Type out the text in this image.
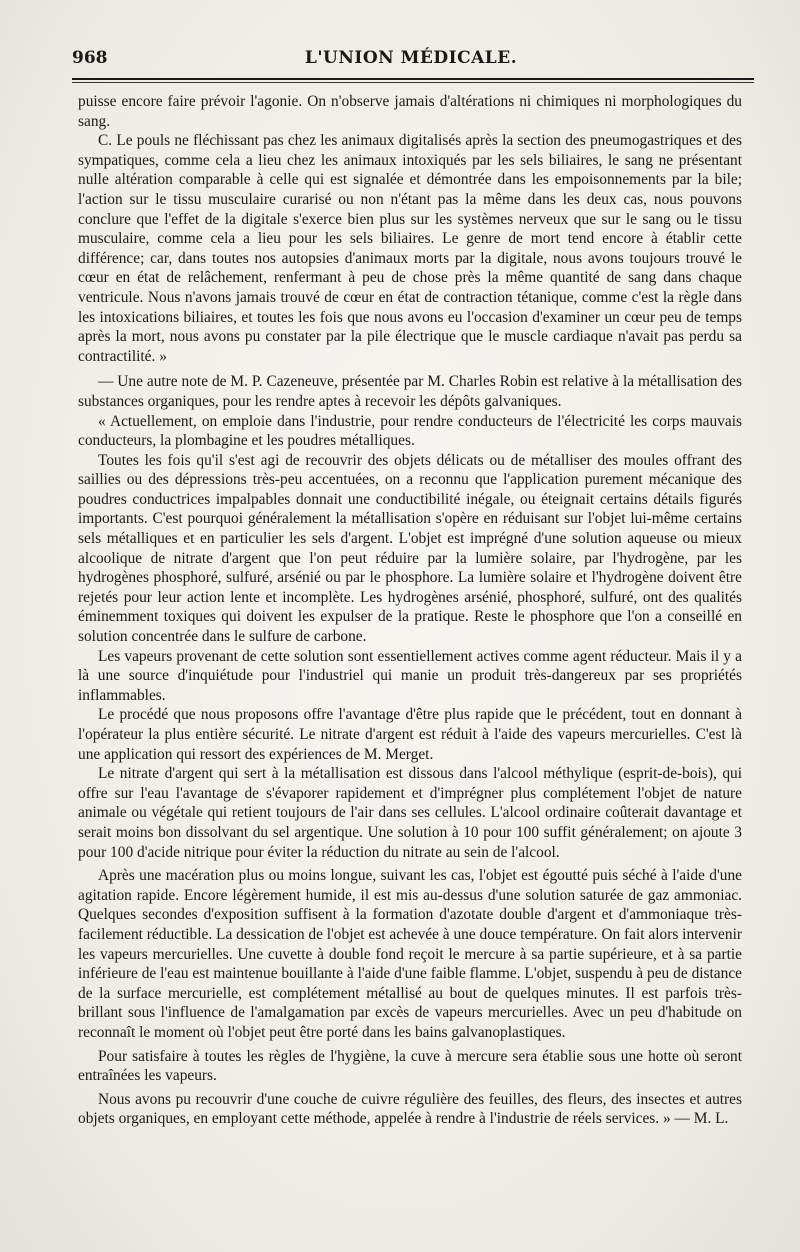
968	L'UNION MÉDICALE.

puisse encore faire prévoir l'agonie. On n'observe jamais d'altérations ni chimiques ni morphologiques du sang.

C. Le pouls ne fléchissant pas chez les animaux digitalisés après la section des pneumogastriques et des sympatiques, comme cela a lieu chez les animaux intoxiqués par les sels biliaires, le sang ne présentant nulle altération comparable à celle qui est signalée et démontrée dans les empoisonnements par la bile; l'action sur le tissu musculaire curarisé ou non n'étant pas la même dans les deux cas, nous pouvons conclure que l'effet de la digitale s'exerce bien plus sur les systèmes nerveux que sur le sang ou le tissu musculaire, comme cela a lieu pour les sels biliaires. Le genre de mort tend encore à établir cette différence; car, dans toutes nos autopsies d'animaux morts par la digitale, nous avons toujours trouvé le cœur en état de relâchement, renfermant à peu de chose près la même quantité de sang dans chaque ventricule. Nous n'avons jamais trouvé de cœur en état de contraction tétanique, comme c'est la règle dans les intoxications biliaires, et toutes les fois que nous avons eu l'occasion d'examiner un cœur peu de temps après la mort, nous avons pu constater par la pile électrique que le muscle cardiaque n'avait pas perdu sa contractilité. »

— Une autre note de M. P. Cazeneuve, présentée par M. Charles Robin est relative à la métallisation des substances organiques, pour les rendre aptes à recevoir les dépôts galvaniques.

« Actuellement, on emploie dans l'industrie, pour rendre conducteurs de l'électricité les corps mauvais conducteurs, la plombagine et les poudres métalliques.

Toutes les fois qu'il s'est agi de recouvrir des objets délicats ou de métalliser des moules offrant des saillies ou des dépressions très-peu accentuées, on a reconnu que l'application purement mécanique des poudres conductrices impalpables donnait une conductibilité inégale, ou éteignait certains détails figurés importants. C'est pourquoi généralement la métallisation s'opère en réduisant sur l'objet lui-même certains sels métalliques et en particulier les sels d'argent. L'objet est imprégné d'une solution aqueuse ou mieux alcoolique de nitrate d'argent que l'on peut réduire par la lumière solaire, par l'hydrogène, par les hydrogènes phosphoré, sulfuré, arsénié ou par le phosphore. La lumière solaire et l'hydrogène doivent être rejetés pour leur action lente et incomplète. Les hydrogènes arsénié, phosphoré, sulfuré, ont des qualités éminemment toxiques qui doivent les expulser de la pratique. Reste le phosphore que l'on a conseillé en solution concentrée dans le sulfure de carbone.

Les vapeurs provenant de cette solution sont essentiellement actives comme agent réducteur. Mais il y a là une source d'inquiétude pour l'industriel qui manie un produit très-dangereux par ses propriétés inflammables.

Le procédé que nous proposons offre l'avantage d'être plus rapide que le précédent, tout en donnant à l'opérateur la plus entière sécurité. Le nitrate d'argent est réduit à l'aide des vapeurs mercurielles. C'est là une application qui ressort des expériences de M. Merget.

Le nitrate d'argent qui sert à la métallisation est dissous dans l'alcool méthylique (esprit-de-bois), qui offre sur l'eau l'avantage de s'évaporer rapidement et d'imprégner plus complétement l'objet de nature animale ou végétale qui retient toujours de l'air dans ses cellules. L'alcool ordinaire coûterait davantage et serait moins bon dissolvant du sel argentique. Une solution à 10 pour 100 suffit généralement; on ajoute 3 pour 100 d'acide nitrique pour éviter la réduction du nitrate au sein de l'alcool.

Après une macération plus ou moins longue, suivant les cas, l'objet est égoutté puis séché à l'aide d'une agitation rapide. Encore légèrement humide, il est mis au-dessus d'une solution saturée de gaz ammoniac. Quelques secondes d'exposition suffisent à la formation d'azotate double d'argent et d'ammoniaque très-facilement réductible. La dessication de l'objet est achevée à une douce température. On fait alors intervenir les vapeurs mercurielles. Une cuvette à double fond reçoit le mercure à sa partie supérieure, et à sa partie inférieure de l'eau est maintenue bouillante à l'aide d'une faible flamme. L'objet, suspendu à peu de distance de la surface mercurielle, est complétement métallisé au bout de quelques minutes. Il est parfois très-brillant sous l'influence de l'amalgamation par excès de vapeurs mercurielles. Avec un peu d'habitude on reconnaît le moment où l'objet peut être porté dans les bains galvanoplastiques.

Pour satisfaire à toutes les règles de l'hygiène, la cuve à mercure sera établie sous une hotte où seront entraînées les vapeurs.

Nous avons pu recouvrir d'une couche de cuivre régulière des feuilles, des fleurs, des insectes et autres objets organiques, en employant cette méthode, appelée à rendre à l'industrie de réels services. » — M. L.
